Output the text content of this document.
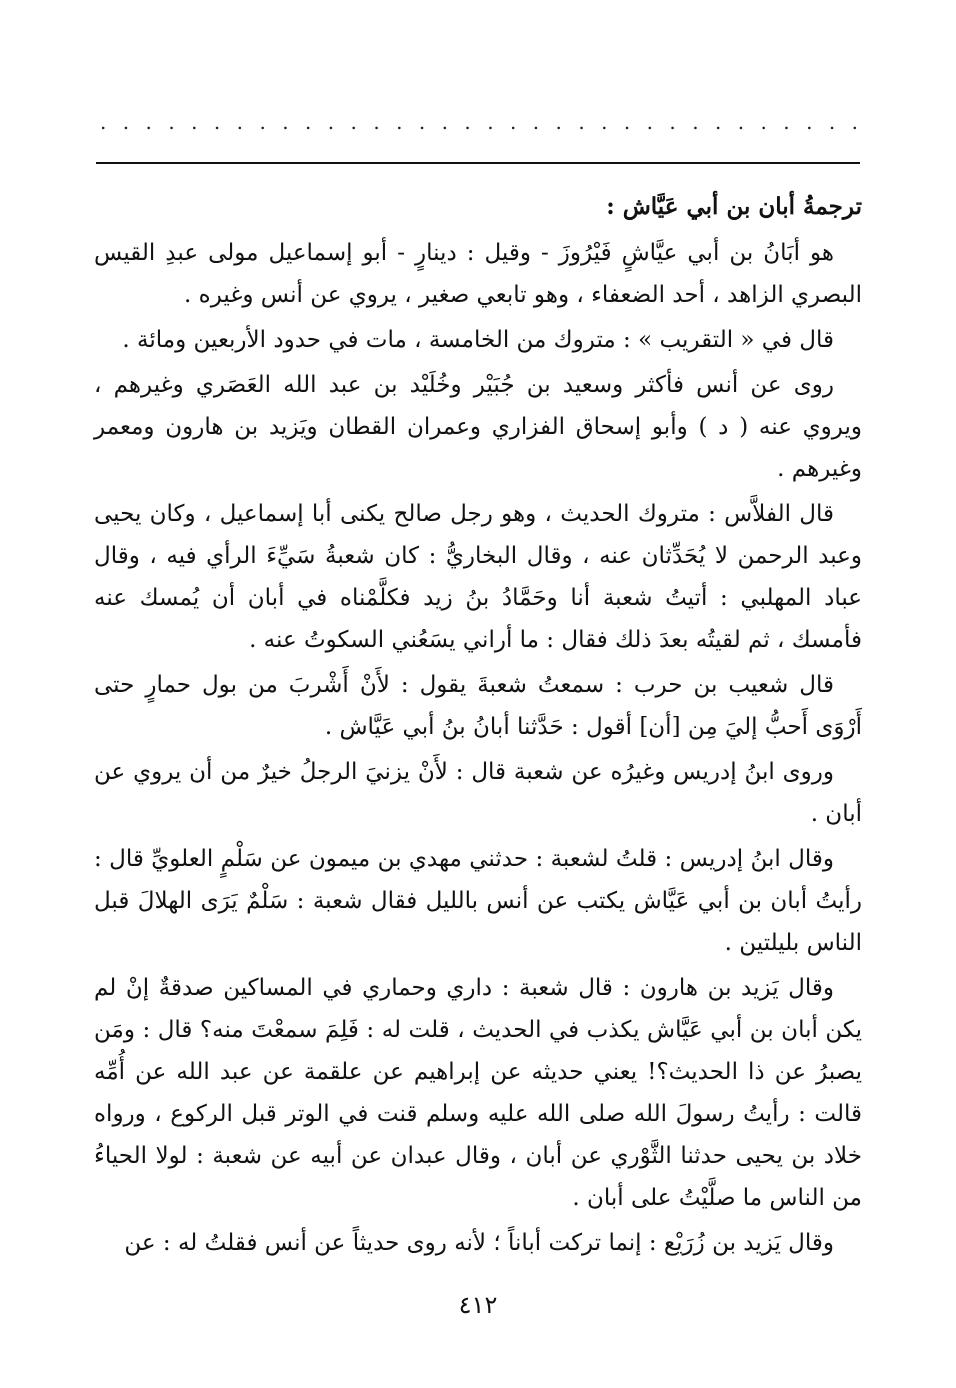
. . . . . . . . . . . . . . . . . . . . . . . . . . . . . . . . . .
ترجمةُ أبان بن أبي عَيَّاش :

هو أبَانُ بن أبي عيَّاشٍ فَيْرُوزَ - وقيل : دينارٍ - أبو إسماعيل مولى عبدِ القيس البصري الزاهد ، أحد الضعفاء ، وهو تابعي صغير ، يروي عن أنس وغيره .

قال في « التقريب » : متروك من الخامسة ، مات في حدود الأربعين ومائة .

روى عن أنس فأكثر وسعيد بن جُبَيْر وخُلَيْد بن عبد الله العَصَري وغيرهم ، ويروي عنه ( د ) وأبو إسحاق الفزاري وعمران القطان ويَزيد بن هارون ومعمر وغيرهم .

قال الفلاَّس : متروك الحديث ، وهو رجل صالح يكنى أبا إسماعيل ، وكان يحيى وعبد الرحمن لا يُحَدِّثان عنه ، وقال البخاريُّ : كان شعبةُ سَيِّءَ الرأي فيه ، وقال عباد المهلبي : أتيتُ شعبة أنا وحَمَّادُ بنُ زيد فكلَّمْناه في أبان أن يُمسك عنه فأمسك ، ثم لقيتُه بعدَ ذلك فقال : ما أراني يسَعُني السكوتُ عنه .

قال شعيب بن حرب : سمعتُ شعبةَ يقول : لأَنْ أَشْربَ من بول حمارٍ حتى أَرْوَى أَحبُّ إليَ مِن [أن] أقول : حَدَّثنا أبانُ بنُ أبي عَيَّاش .

وروى ابنُ إدريس وغيرُه عن شعبة قال : لأَنْ يزنيَ الرجلُ خيرٌ من أن يروي عن أبان .

وقال ابنُ إدريس : قلتُ لشعبة : حدثني مهدي بن ميمون عن سَلْمٍ العلويِّ قال : رأيتُ أبان بن أبي عَيَّاش يكتب عن أنس بالليل فقال شعبة : سَلْمٌ يَرَى الهلالَ قبل الناس بليلتين .

وقال يَزيد بن هارون : قال شعبة : داري وحماري في المساكين صدقةٌ إنْ لم يكن أبان بن أبي عَيَّاش يكذب في الحديث ، قلت له : فَلِمَ سمعْتَ منه؟ قال : ومَن يصبرُ عن ذا الحديث؟! يعني حديثه عن إبراهيم عن علقمة عن عبد الله عن أُمِّه قالت : رأيتُ رسولَ الله صلى الله عليه وسلم قنت في الوتر قبل الركوع ، ورواه خلاد بن يحيى حدثنا الثَّوْري عن أبان ، وقال عبدان عن أبيه عن شعبة : لولا الحياءُ من الناس ما صلَّيْتُ على أبان .

وقال يَزيد بن زُرَيْع : إنما تركت أباناً ؛ لأنه روى حديثاً عن أنس فقلتُ له : عن

٤١٢
